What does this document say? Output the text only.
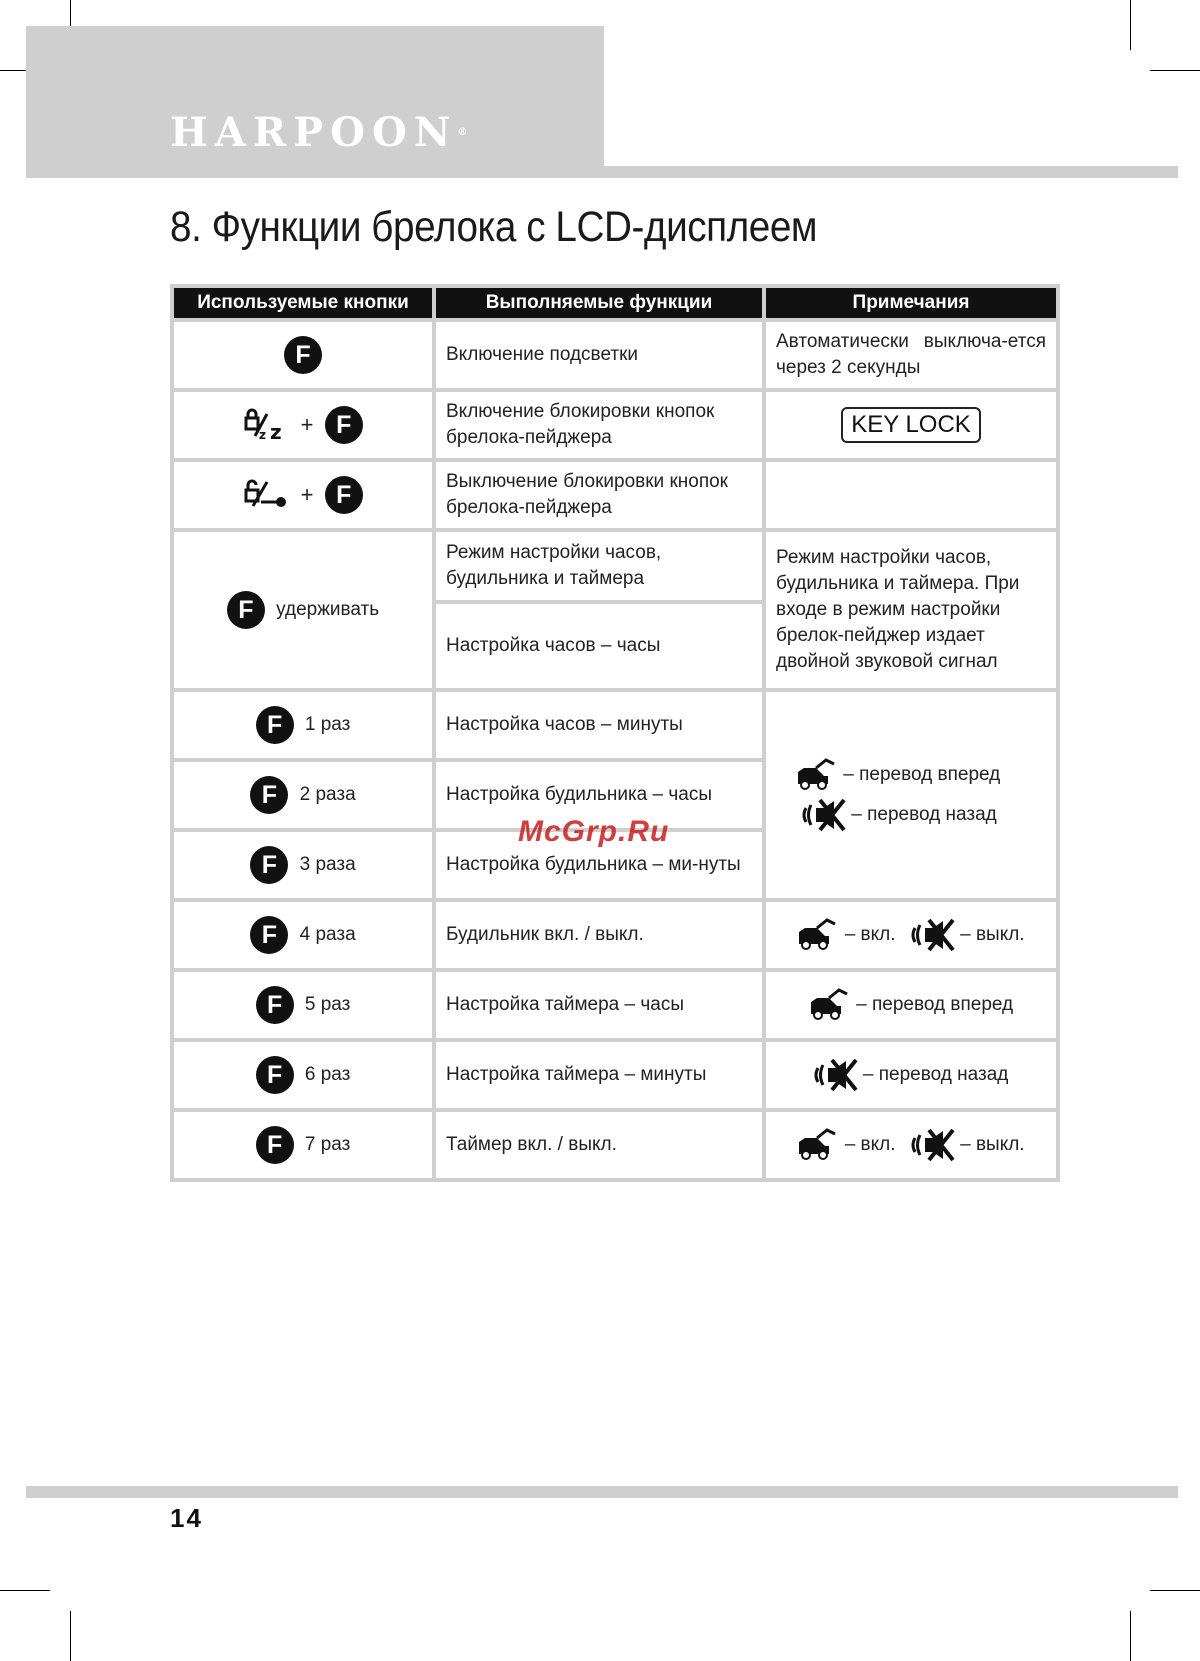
HARPOON®
8. Функции брелока с LCD-дисплеем
Используемые кнопки	Выполняемые функции	Примечания
F	Включение подсветки	Автоматически выключа-ется через 2 секунды

z z + F	Включение блокировки кнопок брелока-пейджера	KEY LOCK
+ F	Выключение блокировки кнопок брелока-пейджера	
F удерживать	Режим настройки часов, будильника и таймера	Режим настройки часов, будильника и таймера. При входе в режим настройки брелок-пейджер издает двойной звуковой сигнал
	Настройка часов – часы	
F 1 раз	Настройка часов – минуты	– перевод вперед
– перевод назад

F 2 раза	Настройка будильника – часы	
F 3 раза	Настройка будильника – ми-нуты	
F 4 раза	Будильник вкл. / выкл.	– вкл. – выкл.
F 5 раз	Настройка таймера – часы	– перевод вперед
F 6 раз	Настройка таймера – минуты	– перевод назад
F 7 раз	Таймер вкл. / выкл.	– вкл. – выкл.
McGrp.Ru
14
